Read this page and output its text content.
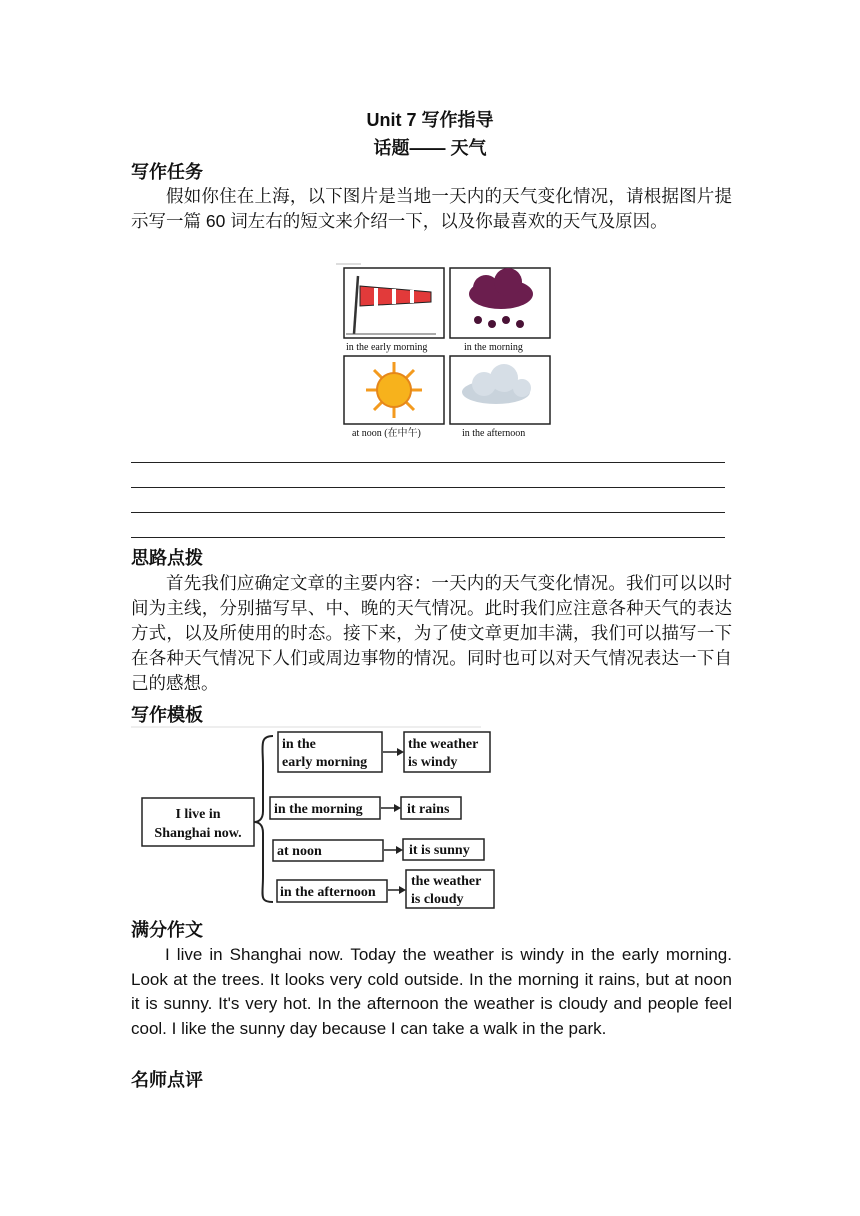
Unit 7 写作指导
话题—— 天气
写作任务
假如你住在上海，以下图片是当地一天内的天气变化情况，请根据图片提示写一篇 60 词左右的短文来介绍一下，以及你最喜欢的天气及原因。
in the early morning	in the morning
at noon (在中午)	in the afternoon
思路点拨
首先我们应确定文章的主要内容：一天内的天气变化情况。我们可以以时间为主线，分别描写早、中、晚的天气情况。此时我们应注意各种天气的表达方式，以及所使用的时态。接下来，为了使文章更加丰满，我们可以描写一下在各种天气情况下人们或周边事物的情况。同时也可以对天气情况表达一下自己的感想。
写作模板
I live in
Shanghai now.
in the
early morning
the weather
is windy
in the morning	it rains
at noon	it is sunny
in the afternoon
the weather
is cloudy
满分作文
I live in Shanghai now. Today the weather is windy in the early morning. Look at the trees. It looks very cold outside. In the morning it rains, but at noon it is sunny. It's very hot. In the afternoon the weather is cloudy and people feel cool. I like the sunny day because I can take a walk in the park.
名师点评
